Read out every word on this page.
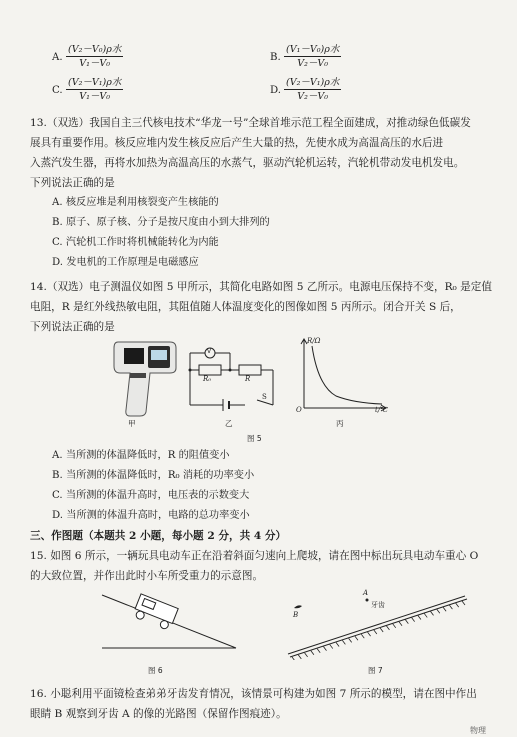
A.
(V₂－V₀)ρ水
V₁－V₀
B.
(V₁－V₀)ρ水
V₂－V₀
C.
(V₂－V₁)ρ水
V₁－V₀
D.
(V₂－V₁)ρ水
V₂－V₀
13.（双选）我国自主三代核电技术“华龙一号”全球首堆示范工程全面建成，对推动绿色低碳发
展具有重要作用。核反应堆内发生核反应后产生大量的热，先使水成为高温高压的水后进
入蒸汽发生器，再将水加热为高温高压的水蒸气，驱动汽轮机运转，汽轮机带动发电机发电。
下列说法正确的是
A. 核反应堆是利用核裂变产生核能的
B. 原子、原子核、分子是按尺度由小到大排列的
C. 汽轮机工作时将机械能转化为内能
D. 发电机的工作原理是电磁感应
14.（双选）电子测温仪如图 5 甲所示，其简化电路如图 5 乙所示。电源电压保持不变，R₀ 是定值
电阻，R 是红外线热敏电阻，其阻值随人体温度变化的图像如图 5 丙所示。闭合开关 S 后，
下列说法正确的是
甲
V
R₀	R
S
乙
R/Ω
O	t/℃
丙
图 5
A. 当所测的体温降低时，R 的阻值变小
B. 当所测的体温降低时，R₀ 消耗的功率变小
C. 当所测的体温升高时，电压表的示数变大
D. 当所测的体温升高时，电路的总功率变小
三、作图题（本题共 2 小题，每小题 2 分，共 4 分）
15. 如图 6 所示，一辆玩具电动车正在沿着斜面匀速向上爬坡，请在图中标出玩具电动车重心 O
的大致位置，并作出此时小车所受重力的示意图。
图 6
A
牙齿
B
图 7
16. 小聪利用平面镜检查弟弟牙齿发育情况，该情景可构建为如图 7 所示的模型，请在图中作出
眼睛 B 观察到牙齿 A 的像的光路图（保留作图痕迹）。
物理
